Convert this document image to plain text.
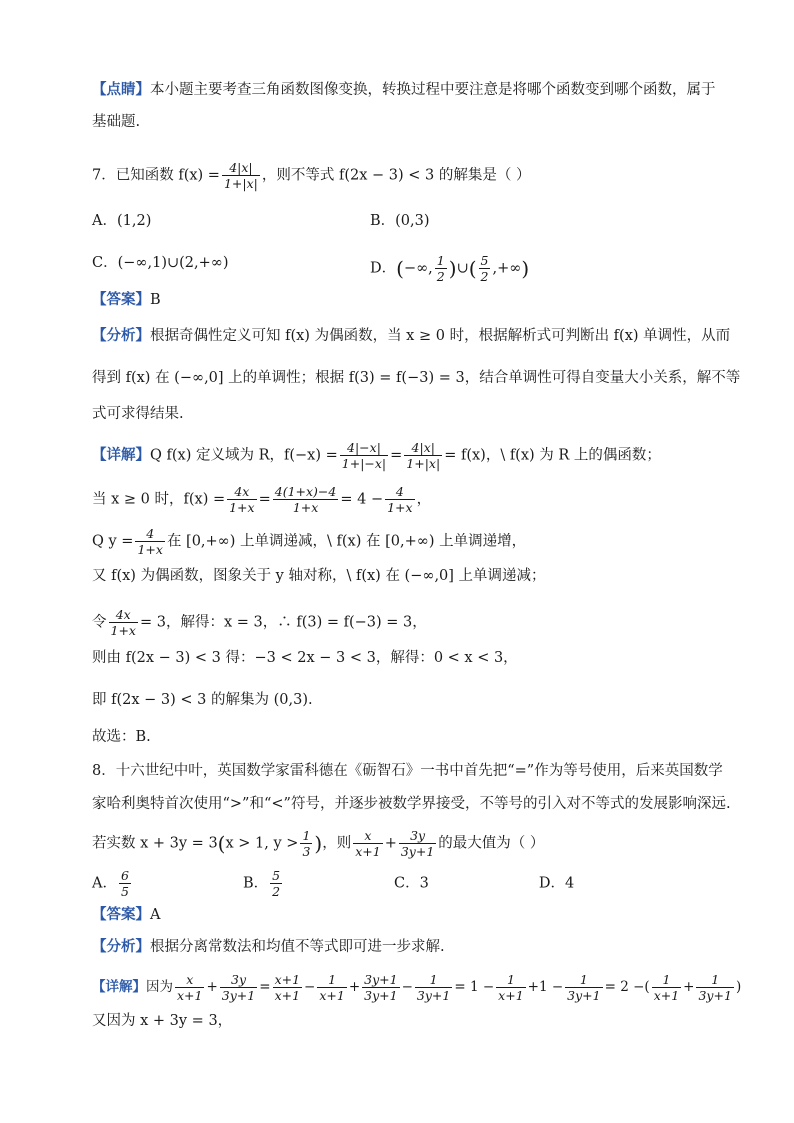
【点睛】本小题主要考查三角函数图像变换，转换过程中要注意是将哪个函数变到哪个函数，属于
基础题.
7．已知函数 $f(x) = \frac{4|x|}{1+|x|}$ ，则不等式 f(2x − 3) < 3 的解集是（ ）
A．(1,2)	B．(0,3)
C．(−∞,1)∪(2,+∞)	D．(−∞, $\frac{1}{2}$ )∪( $\frac{5}{2}$ ,+∞)
【答案】B
【分析】根据奇偶性定义可知 f(x) 为偶函数，当 x ≥ 0 时，根据解析式可判断出 f(x) 单调性，从而
得到 f(x) 在 (−∞,0] 上的单调性；根据 f(3) = f(−3) = 3，结合单调性可得自变量大小关系，解不等
式可求得结果.
【详解】Q f(x) 定义域为 R，$f(-x) = \frac{4|-x|}{1+|-x|} = \frac{4|x|}{1+|x|} = f(x)$，\ f(x) 为 R 上的偶函数；
当 x ≥ 0 时，$f(x) = \frac{4x}{1+x} = \frac{4(1+x)-4}{1+x} = 4 - \frac{4}{1+x}$ ，
Q $y = \frac{4}{1+x}$ 在 [0,+∞) 上单调递减，\ f(x) 在 [0,+∞) 上单调递增，
又 f(x) 为偶函数，图象关于 y 轴对称，\ f(x) 在 (−∞,0] 上单调递减；
令 $\frac{4x}{1+x} = 3$，解得：x = 3，∴ f(3) = f(−3) = 3，
则由 f(2x − 3) < 3 得：−3 < 2x − 3 < 3，解得：0 < x < 3，
即 f(2x − 3) < 3 的解集为 (0,3).
故选：B.
8．十六世纪中叶，英国数学家雷科德在《砺智石》一书中首先把“=”作为等号使用，后来英国数学
家哈利奥特首次使用“>”和“<”符号，并逐步被数学界接受，不等号的引入对不等式的发展影响深远.
若实数 x + 3y = 3(x > 1, $y > \frac{1}{3}$ )，则 $\frac{x}{x+1} + \frac{3y}{3y+1}$ 的最大值为（ ）
A． $\frac{6}{5}$	B． $\frac{5}{2}$	C．3	D．4
【答案】A
【分析】根据分离常数法和均值不等式即可进一步求解.
【详解】因为 $\frac{x}{x+1} + \frac{3y}{3y+1} = \frac{x+1}{x+1} - \frac{1}{x+1} + \frac{3y+1}{3y+1} - \frac{1}{3y+1} = 1 - \frac{1}{x+1} +1 - \frac{1}{3y+1} = 2$ −( $\frac{1}{x+1} + \frac{1}{3y+1}$ )
又因为 x + 3y = 3，
